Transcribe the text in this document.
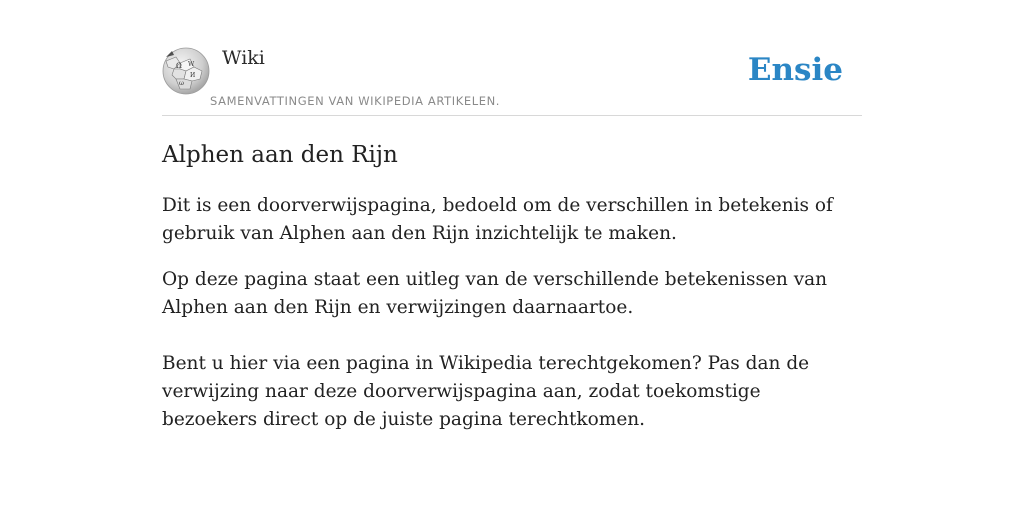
Ω W
И
ω
Wiki
SAMENVATTINGEN VAN WIKIPEDIA ARTIKELEN.
Ensie
Alphen aan den Rijn

Dit is een doorverwijspagina, bedoeld om de verschillen in betekenis of gebruik van Alphen aan den Rijn inzichtelijk te maken.

Op deze pagina staat een uitleg van de verschillende betekenissen van Alphen aan den Rijn en verwijzingen daarnaartoe.

Bent u hier via een pagina in Wikipedia terechtgekomen? Pas dan de verwijzing naar deze doorverwijspagina aan, zodat toekomstige bezoekers direct op de juiste pagina terechtkomen.
